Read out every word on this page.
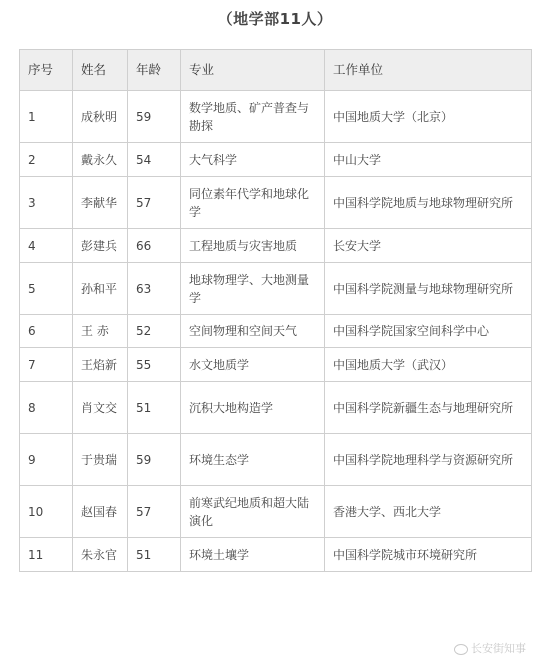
（地学部11人）
序号	姓名	年龄	专业	工作单位
1	成秋明	59	数学地质、矿产普查与勘探	中国地质大学（北京）
2	戴永久	54	大气科学	中山大学
3	李献华	57	同位素年代学和地球化学	中国科学院地质与地球物理研究所
4	彭建兵	66	工程地质与灾害地质	长安大学
5	孙和平	63	地球物理学、大地测量学	中国科学院测量与地球物理研究所
6	王 赤	52	空间物理和空间天气	中国科学院国家空间科学中心
7	王焰新	55	水文地质学	中国地质大学（武汉）
8	肖文交	51	沉积大地构造学	中国科学院新疆生态与地理研究所
9	于贵瑞	59	环境生态学	中国科学院地理科学与资源研究所
10	赵国春	57	前寒武纪地质和超大陆演化	香港大学、西北大学
11	朱永官	51	环境土壤学	中国科学院城市环境研究所
长安街知事
